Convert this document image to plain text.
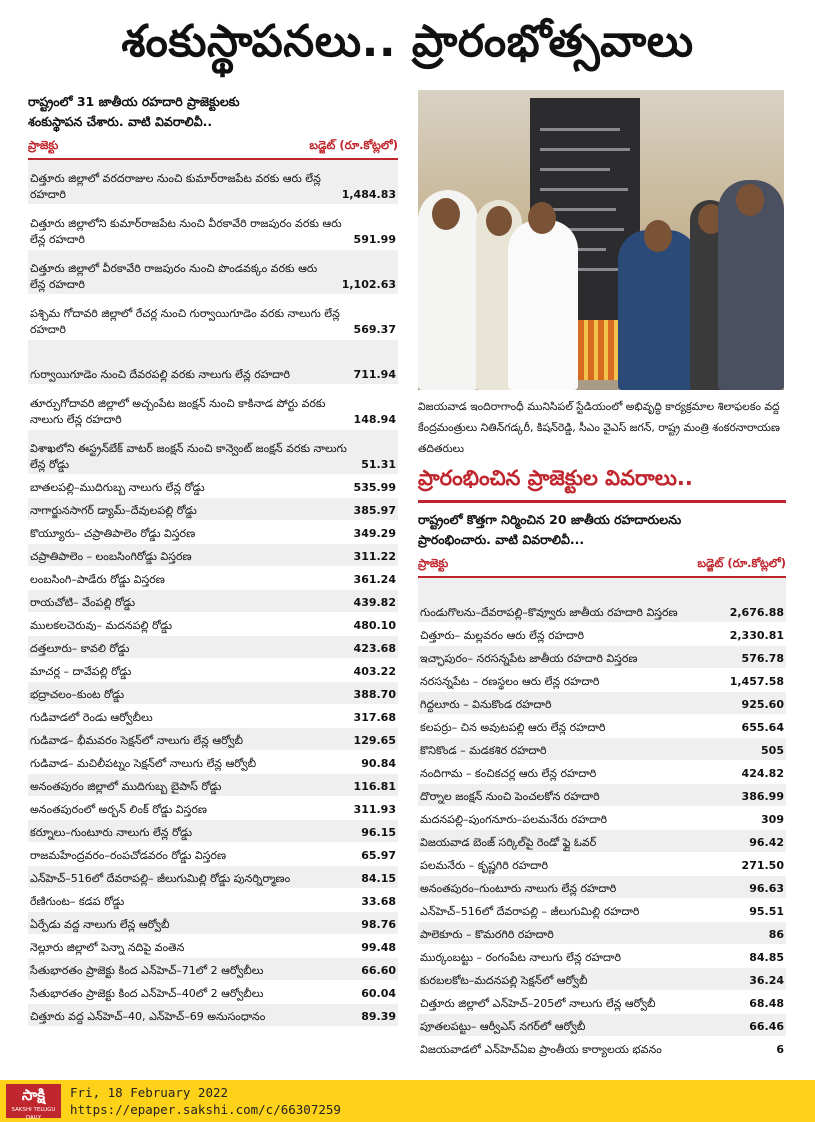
శంకుస్థాపనలు.. ప్రారంభోత్సవాలు

రాష్ట్రంలో 31 జాతీయ రహదారి ప్రాజెక్టులకు
శంకుస్థాపన చేశారు. వాటి వివరాలివీ..

ప్రాజెక్టు	బడ్జెట్ (రూ.కోట్లలో)
చిత్తూరు జిల్లాలో వరదరాజుల నుంచి కుమార్‌రాజపేట వరకు ఆరు లేన్ల రహదారి	1,484.83
చిత్తూరు జిల్లాలోని కుమార్‌రాజపేట నుంచి వీరకావేరి రాజపురం వరకు ఆరు లేన్ల రహదారి	591.99
చిత్తూరు జిల్లాలో వీరకావేరి రాజపురం నుంచి పొండవక్కం వరకు ఆరు లేన్ల రహదారి	1,102.63
పశ్చిమ గోదావరి జిల్లాలో రేచర్ల నుంచి గుర్వాయిగూడెం వరకు నాలుగు లేన్ల రహదారి	569.37
గుర్వాయిగూడెం నుంచి దేవరపల్లి వరకు నాలుగు లేన్ల రహదారి	711.94
తూర్పుగోదావరి జిల్లాలో అచ్చంపేట జంక్షన్ నుంచి కాకినాడ పోర్టు వరకు నాలుగు లేన్ల రహదారి	148.94
విశాఖలోని ఈస్ట్రన్‌బేక్ వాటర్ జంక్షన్ నుంచి కాన్వెంట్ జంక్షన్ వరకు నాలుగు లేన్ల రోడ్డు	51.31
బాతలపల్లి–ముదిగుబ్బ నాలుగు లేన్ల రోడ్డు	535.99
నాగార్జునసాగర్ డ్యామ్–దేవులపల్లి రోడ్డు	385.97
కొయ్యూరు– చప్రాతిపాలెం రోడ్డు విస్తరణ	349.29
చప్రాతిపాలెం – లంబసింగిరోడ్డు విస్తరణ	311.22
లంబసింగి–పాడేరు రోడ్డు విస్తరణ	361.24
రాయచోటి– వేంపల్లి రోడ్డు	439.82
ములకలచెరువు– మదనపల్లి రోడ్డు	480.10
దత్తలూరు– కావలి రోడ్డు	423.68
మాచర్ల – దావేపల్లి రోడ్డు	403.22
భద్రాచలం–కుంట రోడ్డు	388.70
గుడివాడలో రెండు ఆర్వోబీలు	317.68
గుడివాడ– భీమవరం సెక్షన్‌లో నాలుగు లేన్ల ఆర్వోబీ	129.65
గుడివాడ– మచిలీపట్నం సెక్షన్‌లో నాలుగు లేన్ల ఆర్వోబీ	90.84
అనంతపురం జిల్లాలో ముదిగుబ్బ బైపాస్ రోడ్డు	116.81
అనంతపురంలో అర్బన్ లింక్ రోడ్డు విస్తరణ	311.93
కర్నూలు–గుంటూరు నాలుగు లేన్ల రోడ్డు	96.15
రాజమహేంద్రవరం–రంపచోడవరం రోడ్డు విస్తరణ	65.97
ఎన్‌హెచ్–516లో దేవరాపల్లి– జీలుగుమిల్లి రోడ్డు పునర్నిర్మాణం	84.15
రేణిగుంట– కడప రోడ్డు	33.68
ఏర్పేడు వద్ద నాలుగు లేన్ల ఆర్వోబీ	98.76
నెల్లూరు జిల్లాలో పెన్నా నదిపై వంతెన	99.48
సేతుభారతం ప్రాజెక్టు కింద ఎన్‌హెచ్–71లో 2 ఆర్వోబీలు	66.60
సేతుభారతం ప్రాజెక్టు కింద ఎన్‌హెచ్–40లో 2 ఆర్వోబీలు	60.04
చిత్తూరు వద్ద ఎన్‌హెచ్–40, ఎన్‌హెచ్–69 అనుసంధానం	89.39
విజయవాడ ఇందిరాగాంధీ మునిసిపల్ స్టేడియంలో అభివృద్ధి కార్యక్రమాల శిలాఫలకం వద్ద కేంద్రమంత్రులు నితిన్‌గడ్కరీ, కిషన్‌రెడ్డి, సీఎం వైఎస్ జగన్, రాష్ట్ర మంత్రి శంకరనారాయణ తదితరులు
ప్రారంభించిన ప్రాజెక్టుల వివరాలు..

రాష్ట్రంలో కొత్తగా నిర్మించిన 20 జాతీయ రహదారులను
ప్రారంభించారు. వాటి వివరాలివీ...

ప్రాజెక్టు	బడ్జెట్ (రూ.కోట్లలో)
గుండుగొలను–దేవరాపల్లి–కొవ్వూరు జాతీయ రహదారి విస్తరణ	2,676.88
చిత్తూరు– మల్లవరం ఆరు లేన్ల రహదారి	2,330.81
ఇచ్ఛాపురం– నరసన్నపేట జాతీయ రహదారి విస్తరణ	576.78
నరసన్నపేట – రణస్థలం ఆరు లేన్ల రహదారి	1,457.58
గిద్దలూరు – వినుకొండ రహదారి	925.60
కలపర్రు– చిన అవుటపల్లి ఆరు లేన్ల రహదారి	655.64
కొనికొండ – మడకశిర రహదారి	505
నందిగామ – కంచికచర్ల ఆరు లేన్ల రహదారి	424.82
దొర్నాల జంక్షన్ నుంచి పెంచలకోన రహదారి	386.99
మదనపల్లి–పుంగనూరు–పలమనేరు రహదారి	309
విజయవాడ బెంజ్ సర్కిల్‌పై రెండో ఫ్లై ఓవర్	96.42
పలమనేరు – కృష్ణగిరి రహదారి	271.50
అనంతపురం–గుంటూరు నాలుగు లేన్ల రహదారి	96.63
ఎన్‌హెచ్–516లో దేవరాపల్లి – జీలుగుమిల్లి రహదారి	95.51
పాలెకూరు – కొమరగిరి రహదారి	86
ముర్కంబట్టు – రంగంపేట నాలుగు లేన్ల రహదారి	84.85
కురబలకోట–మదనపల్లి సెక్షన్‌లో ఆర్వోబీ	36.24
చిత్తూరు జిల్లాలో ఎన్‌హెచ్–205లో నాలుగు లేన్ల ఆర్వోబీ	68.48
పూతలపట్టు– ఆర్వీఎస్ నగర్‌లో ఆర్వోబీ	66.46
విజయవాడలో ఎన్‌హెచ్ఏఐ ప్రాంతీయ కార్యాలయ భవనం	6
సాక్షి
SAKSHI TELUGU DAILY
Fri, 18 February 2022
https://epaper.sakshi.com/c/66307259
